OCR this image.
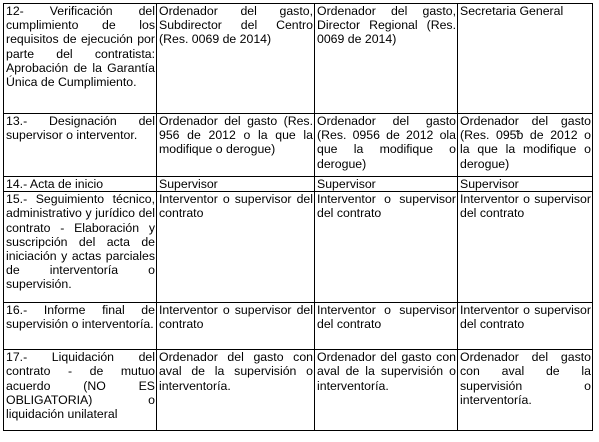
12- Verificación del cumplimiento de los requisitos de ejecución por parte del contratista: Aprobación de la Garantía Única de Cumplimiento.	Ordenador del gasto, Subdirector del Centro (Res. 0069 de 2014)	Ordenador del gasto, Director Regional (Res. 0069 de 2014)	Secretaria General

13.- Designación del supervisor o interventor.	Ordenador del gasto (Res. 956 de 2012 o la que la modifique o derogue)	Ordenador del gasto (Res. 0956 de 2012 ola que la modifique o derogue)	Ordenador del gasto (Res. 095ᵬ de 2012 o la que la modifique o derogue)

14.- Acta de inicio	Supervisor	Supervisor	Supervisor

15.- Seguimiento técnico, administrativo y jurídico del contrato - Elaboración y suscripción del acta de iniciación y actas parciales de interventoría o supervisión.	Interventor o supervisor del contrato	Interventor o supervisor del contrato	Interventor o supervisor del contrato

16.- Informe final de supervisión o interventoría.	Interventor o supervisor del contrato	Interventor o supervisor del contrato	Interventor o supervisor del contrato

17.- Liquidación del contrato - de mutuo acuerdo (NO ES OBLIGATORIA) o liquidación unilateral	Ordenador del gasto con aval de la supervisión o interventoría.	Ordenador del gasto con aval de la supervisión o interventoría.	Ordenador del gasto con aval de la supervisión o interventoría.
